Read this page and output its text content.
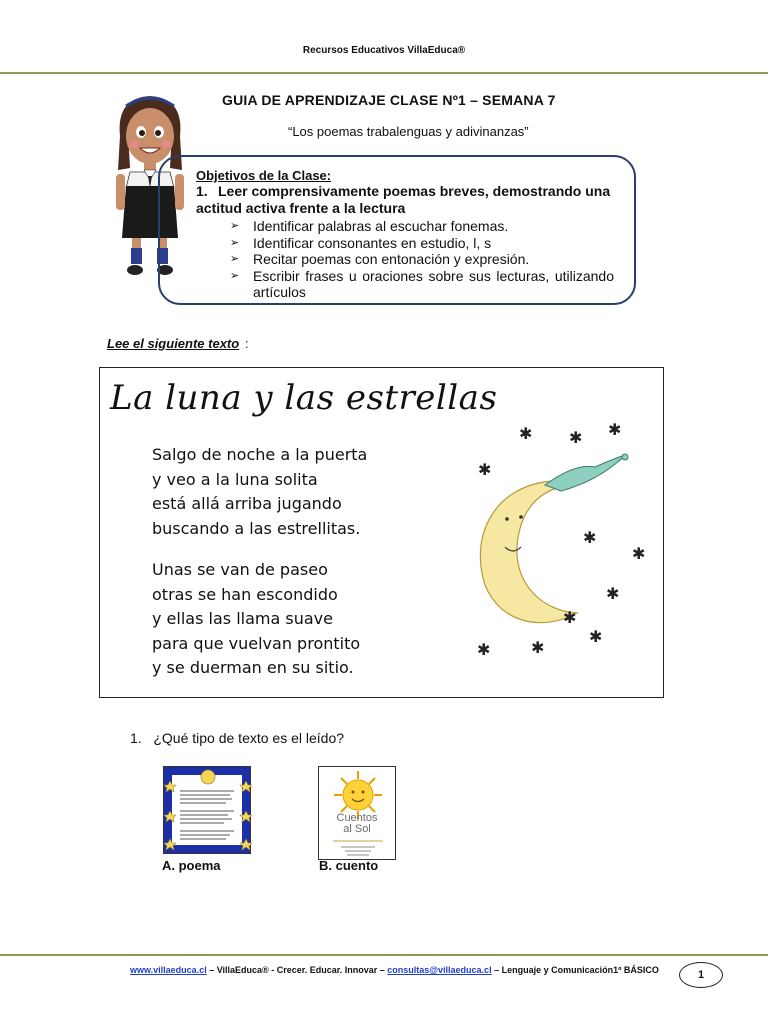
Recursos Educativos VillaEduca®
GUIA DE APRENDIZAJE CLASE Nº1 – SEMANA 7
“Los poemas trabalenguas y adivinanzas”
Objetivos de la Clase:
1. Leer comprensivamente poemas breves, demostrando una actitud activa frente a la lectura
➢ Identificar palabras al escuchar fonemas.
➢ Identificar consonantes en estudio, l, s
➢ Recitar poemas con entonación y expresión.
➢ Escribir frases u oraciones sobre sus lecturas, utilizando artículos
Lee el siguiente texto :
La luna y las estrellas
Salgo de noche a la puerta
y veo a la luna solita
está allá arriba jugando
buscando a las estrellitas.
Unas se van de paseo
otras se han escondido
y ellas las llama suave
para que vuelvan prontito
y se duerman en su sitio.
✱ ✱ ✱
✱
✱
✱
✱
✱
✱
✱	✱
1. ¿Qué tipo de texto es el leído?
A. poema
Cuentos
al Sol
B. cuento
www.villaeduca.cl – VillaEduca® - Crecer. Educar. Innovar – consultas@villaeduca.cl – Lenguaje y Comunicación1º BÁSICO	1
